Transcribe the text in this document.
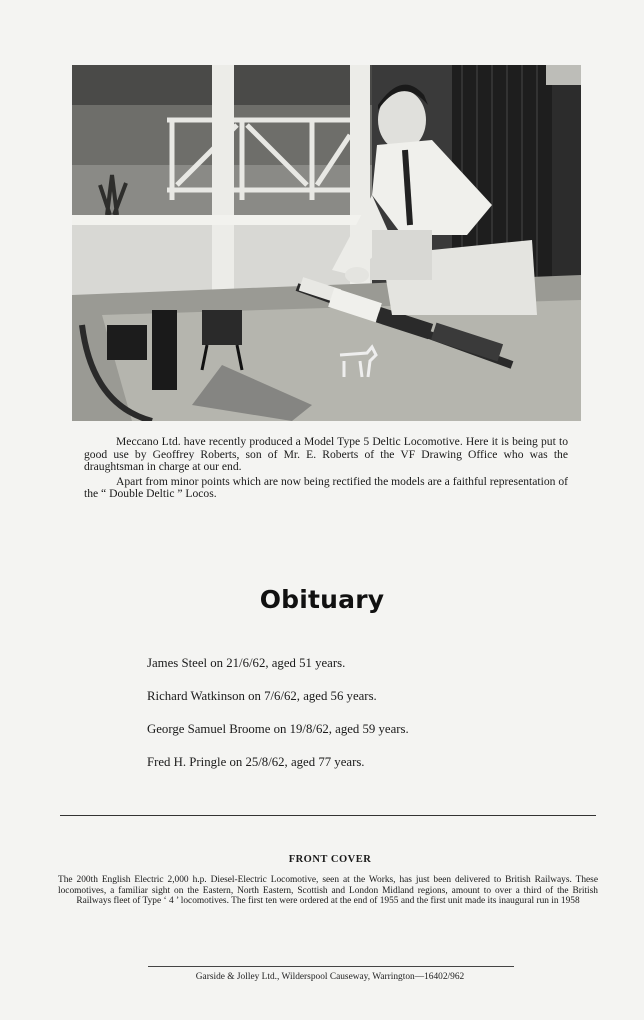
Meccano Ltd. have recently produced a Model Type 5 Deltic Locomotive. Here it is being put to good use by Geoffrey Roberts, son of Mr. E. Roberts of the VF Drawing Office who was the draughtsman in charge at our end.

Apart from minor points which are now being rectified the models are a faithful representation of the “ Double Deltic ” Locos.

Obituary
James Steel on 21/6/62, aged 51 years.
Richard Watkinson on 7/6/62, aged 56 years.
George Samuel Broome on 19/8/62, aged 59 years.
Fred H. Pringle on 25/8/62, aged 77 years.
FRONT COVER
The 200th English Electric 2,000 h.p. Diesel-Electric Locomotive, seen at the Works, has just been delivered to British Railways. These locomotives, a familiar sight on the Eastern, North Eastern, Scottish and London Midland regions, amount to over a third of the British Railways fleet of Type ‘ 4 ’ locomotives. The first ten were ordered at the end of 1955 and the first unit made its inaugural run in 1958
Garside & Jolley Ltd., Wilderspool Causeway, Warrington—16402/962
